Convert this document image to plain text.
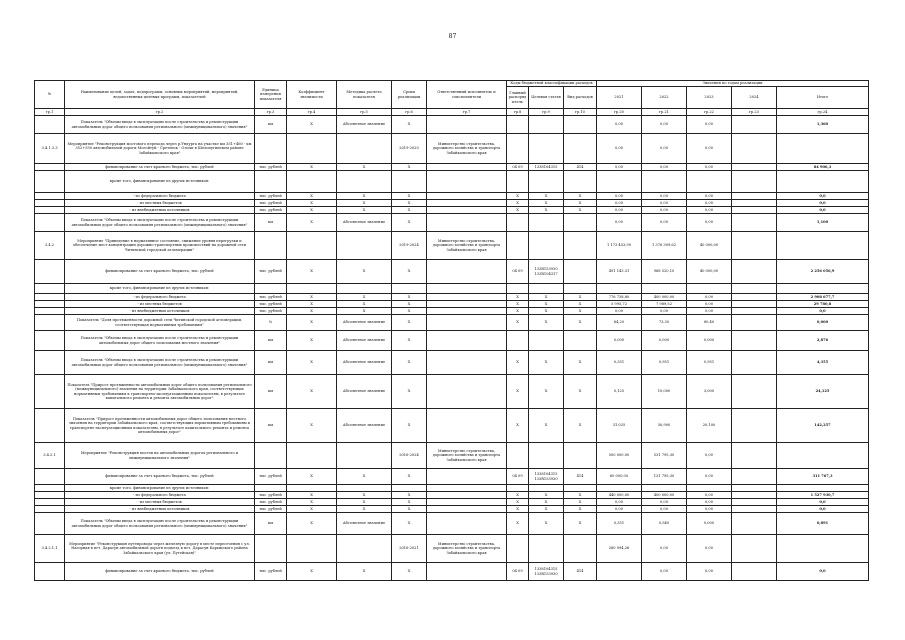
87
№	Наименование целей, задач, подпрограмм, основных мероприятий, мероприятий, ведомственных целевых программ, показателей	Единица измерения показателя	Коэффициент значимости	Методика расчета показателя	Сроки реализации	Ответственный исполнитель и соисполнители	Коды бюджетной классификации расходов			Значения по годам реализации				
							Главный распорядитель	Целевая статья	Вид расходов	2021	2022	2023	2024	Итого
гр.1	гр.2	гр.3	гр.4	гр.5	гр.6	гр.7	гр.8	гр.9	гр.10	гр.20	гр.21	гр.22	гр.23	гр.24
	Показатель "Объемы ввода в эксплуатацию после строительства и реконструкции автомобильных дорог общего пользования регионального (межмуниципального) значения"	км	Х	Абсолютное значение	Х					0,00	0,00	0,00		1,360
3.4.1.3.3	Мероприятие "Реконструкция мостового перехода через р.Ундурга на участке км 351+460 - км 352+550 автомобильной дороги Могойтуй - Сретенск - Олочи в Шелопугинском районе Забайкальского края"				2019-2020	Министерство строительства, дорожного хозяйства и транспорта Забайкальского края				0,00	0,00	0,00		
	финансирование за счет краевого бюджета, тыс. рублей	тыс. рублей	Х	Х	Х		04 09	1338104315	414	0,00	0,00	0,00		84 906,3
	кроме того, финансирование из других источников:													
	- из федерального бюджета	тыс. рублей	Х	Х	Х		Х	Х	Х	0,00	0,00	0,00		0,0
	- из местных бюджетов	тыс. рублей	Х	Х	Х		Х	Х	Х	0,00	0,00	0,00		0,0
	- из внебюджетных источников	тыс. рублей	Х	Х	Х		Х	Х	Х	0,00	0,00	0,00		0,0
	Показатель "Объемы ввода в эксплуатацию после строительства и реконструкции автомобильных дорог общего пользования регионального (межмуниципального) значения"	км	Х	Абсолютное значение	Х					0,00	0,00	0,00		1,100
3.4.2	Мероприятие "Приведение в нормативное состояние, снижение уровня перегрузки и обеспечение мест концентрации дорожно-транспортных происшествий на дорожной сети Читинской городской агломерации"				2019-2024	Министерство строительства, дорожного хозяйства и транспорта Забайкальского края				1 173 453,90	1 376 309,62	40 000,00		
	финансирование за счет краевого бюджета, тыс. рублей	тыс. рублей	Х	Х	Х		04 09	133R153930 133R104317		491 143,31	968 520,10	40 000,00		2 256 056,9
	кроме того, финансирование из других источников:													
	- из федерального бюджета	тыс. рублей	Х	Х	Х		Х	Х	Х	776 738,80	400 000,00	0,00		2 908 677,7
	- из местных бюджетов	тыс. рублей	Х	Х	Х		Х	Х	Х	5 995,72	7 989,52	0,00		29 780,8
	- из внебюджетных источников	тыс. рублей	Х	Х	Х		Х	Х	Х	0,00	0,00	0,00		0,0
	Показатель "Доля протяженности дорожной сети Читинской городской агломерации, соответствующая нормативным требованиям"	%	Х	Абсолютное значение	Х		Х	Х	Х	64,20	73,30	80,40		0,000
	Показатель "Объемы ввода в эксплуатацию после строительства и реконструкции автомобильных дорог общего пользования местного значения"	км	Х	Абсолютное значение	Х					0,000	0,000	0,000		2,876
	Показатель "Объемы ввода в эксплуатацию после строительства и реконструкции автомобильных дорог общего пользования регионального (межмуниципального) значения"	км	Х	Абсолютное значение	Х		Х	Х	Х	0,351	0,951	0,951		4,355
	Показатель "Прирост протяженности автомобильных дорог общего пользования регионального (межмуниципального) значения на территории Забайкальского края, соответствующих нормативным требованиям к транспортно-эксплуатационным показателям, в результате капитального ремонта и ремонта автомобильных дорог"	км	Х	Абсолютное значение	Х		Х	Х	Х	0,125	10,000	3,000		24,125
	Показатель "Прирост протяженности автомобильных дорог общего пользования местного значения на территории Забайкальского края, соответствующих нормативным требованиям к транспортно-эксплуатационным показателям, в результате капитального ремонта и ремонта автомобильных дорог"	км	Х	Абсолютное значение	Х		Х	Х	Х	31,025	30,900	20,100		142,257
3.4.2.1	Мероприятие "Реконструкция мостов на автомобильных дорогах регионального и межмуниципального значения"				2016-2024	Министерство строительства, дорожного хозяйства и транспорта Забайкальского края				500 000,00	531 795,30	0,00		
	финансирование за счет краевого бюджета, тыс. рублей	тыс. рублей	Х	Х	Х		04 09	1338104315 133R153930	414	60 000,00	131 795,30	0,00		311 767,3
	кроме того, финансирование из других источников:													
	- из федерального бюджета	тыс. рублей	Х	Х	Х		Х	Х	Х	440 000,00	400 000,00	0,00		1 527 930,7
	- из местных бюджетов	тыс. рублей	Х	Х	Х		Х	Х	Х	0,00	0,00	0,00		0,0
	- из внебюджетных источников	тыс. рублей	Х	Х	Х		Х	Х	Х	0,00	0,00	0,00		0,0
	Показатель "Объемы ввода в эксплуатацию после строительства и реконструкции автомобильных дорог общего пользования регионального (межмуниципального) значения"	км	Х	Абсолютное значение	Х		Х	Х	Х	0,351	0,540	0,000		0,891
3.4.2.1.1	Мероприятие "Реконструкция путепровода через железную дорогу в месте пересечения с ул. Нагорная в пгт. Дарасун автомобильной дороги подъезд к пгт. Дарасун Карымского района Забайкальского края (ул. Путейская)"				2016-2021	Министерство строительства, дорожного хозяйства и транспорта Забайкальского края				260 094,26	0,00	0,00		
	финансирование за счет краевого бюджета, тыс. рублей	тыс. рублей	Х	Х	Х		04 09	1338104315 133R153930	414		0,00	0,00		0,0
